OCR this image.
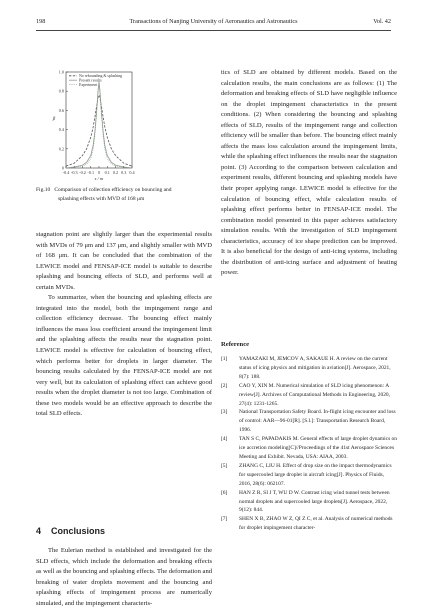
198	Transactions of Nanjing University of Aeronautics and Astronautics	Vol. 42
-0.4 -0.3 -0.2 -0.1 0 0.1 0.2 0.3 0.4
0
0.2
0.4
0.6
0.8
1.0
s / m
β
No rebounding & splashing
Present results
Experiment
Fig.10 Comparison of collection efficiency on bouncing and
splashing effects with MVD of 168 μm

stagnation point are slightly larger than the experimental results with MVDs of 79 μm and 137 μm, and slightly smaller with MVD of 168 μm. It can be concluded that the combination of the LEWICE model and FENSAP-ICE model is suitable to describe splashing and bouncing effects of SLD, and performs well at certain MVDs.

To summarize, when the bouncing and splashing effects are integrated into the model, both the impingement range and collection efficiency decrease. The bouncing effect mainly influences the mass loss coefficient around the impingement limit and the splashing affects the results near the stagnation point. LEWICE model is effective for calculation of bouncing effect, which performs better for droplets in larger diameter. The bouncing results calculated by the FENSAP-ICE model are not very well, but its calculation of splashing effect can achieve good results when the droplet diameter is not too large. Combination of these two models would be an effective approach to describe the total SLD effects.

4 Conclusions

The Eulerian method is established and investigated for the SLD effects, which include the deformation and breaking effects as well as the bouncing and splashing effects. The deformation and breaking of water droplets movement and the bouncing and splashing effects of impingement process are numerically simulated, and the impingement characteris-

tics of SLD are obtained by different models. Based on the calculation results, the main conclusions are as follows: (1) The deformation and breaking effects of SLD have negligible influence on the droplet impingement characteristics in the present conditions. (2) When considering the bouncing and splashing effects of SLD, results of the impingement range and collection efficiency will be smaller than before. The bouncing effect mainly affects the mass loss calculation around the impingement limits, while the splashing effect influences the results near the stagnation point. (3) According to the comparison between calculation and experiment results, different bouncing and splashing models have their proper applying range. LEWICE model is effective for the calculation of bouncing effect, while calculation results of splashing effect performs better in FENSAP-ICE model. The combination model presented in this paper achieves satisfactory simulation results. With the investigation of SLD impingement characteristics, accuracy of ice shape prediction can be improved. It is also beneficial for the design of anti-icing systems, including the distribution of anti-icing surface and adjustment of heating power.

Reference

[1] YAMAZAKI M, JEMCOV A, SAKAUE H. A review on the current status of icing physics and mitigation in aviation[J]. Aerospace, 2021, 8(7): 188.

[2] CAO Y, XIN M. Numerical simulation of SLD icing phenomenon: A review[J]. Archives of Computational Methods in Engineering, 2020, 27(4): 1231-1265.

[3] National Transportation Safety Board. In-flight icing encounter and loss of control: AAR—96-01[R]. [S.l.]: Transportation Research Board, 1996.

[4] TAN S C, PAPADAKIS M. General effects of large droplet dynamics on ice accretion modeling[C]//Proceedings of the 41st Aerospace Sciences Meeting and Exhibit. Nevada, USA: AIAA, 2003.

[5] ZHANG C, LIU H. Effect of drop size on the impact thermodynamics for supercooled large droplet in aircraft icing[J]. Physics of Fluids, 2016, 28(6): 062107.

[6] HAN Z R, SI J T, WU D W. Contrast icing wind tunnel tests between normal droplets and supercooled large droplets[J]. Aerospace, 2022, 9(12): 844.

[7] SHEN X B, ZHAO W Z, QI Z C, et al. Analysis of numerical methods for droplet impingement character-
